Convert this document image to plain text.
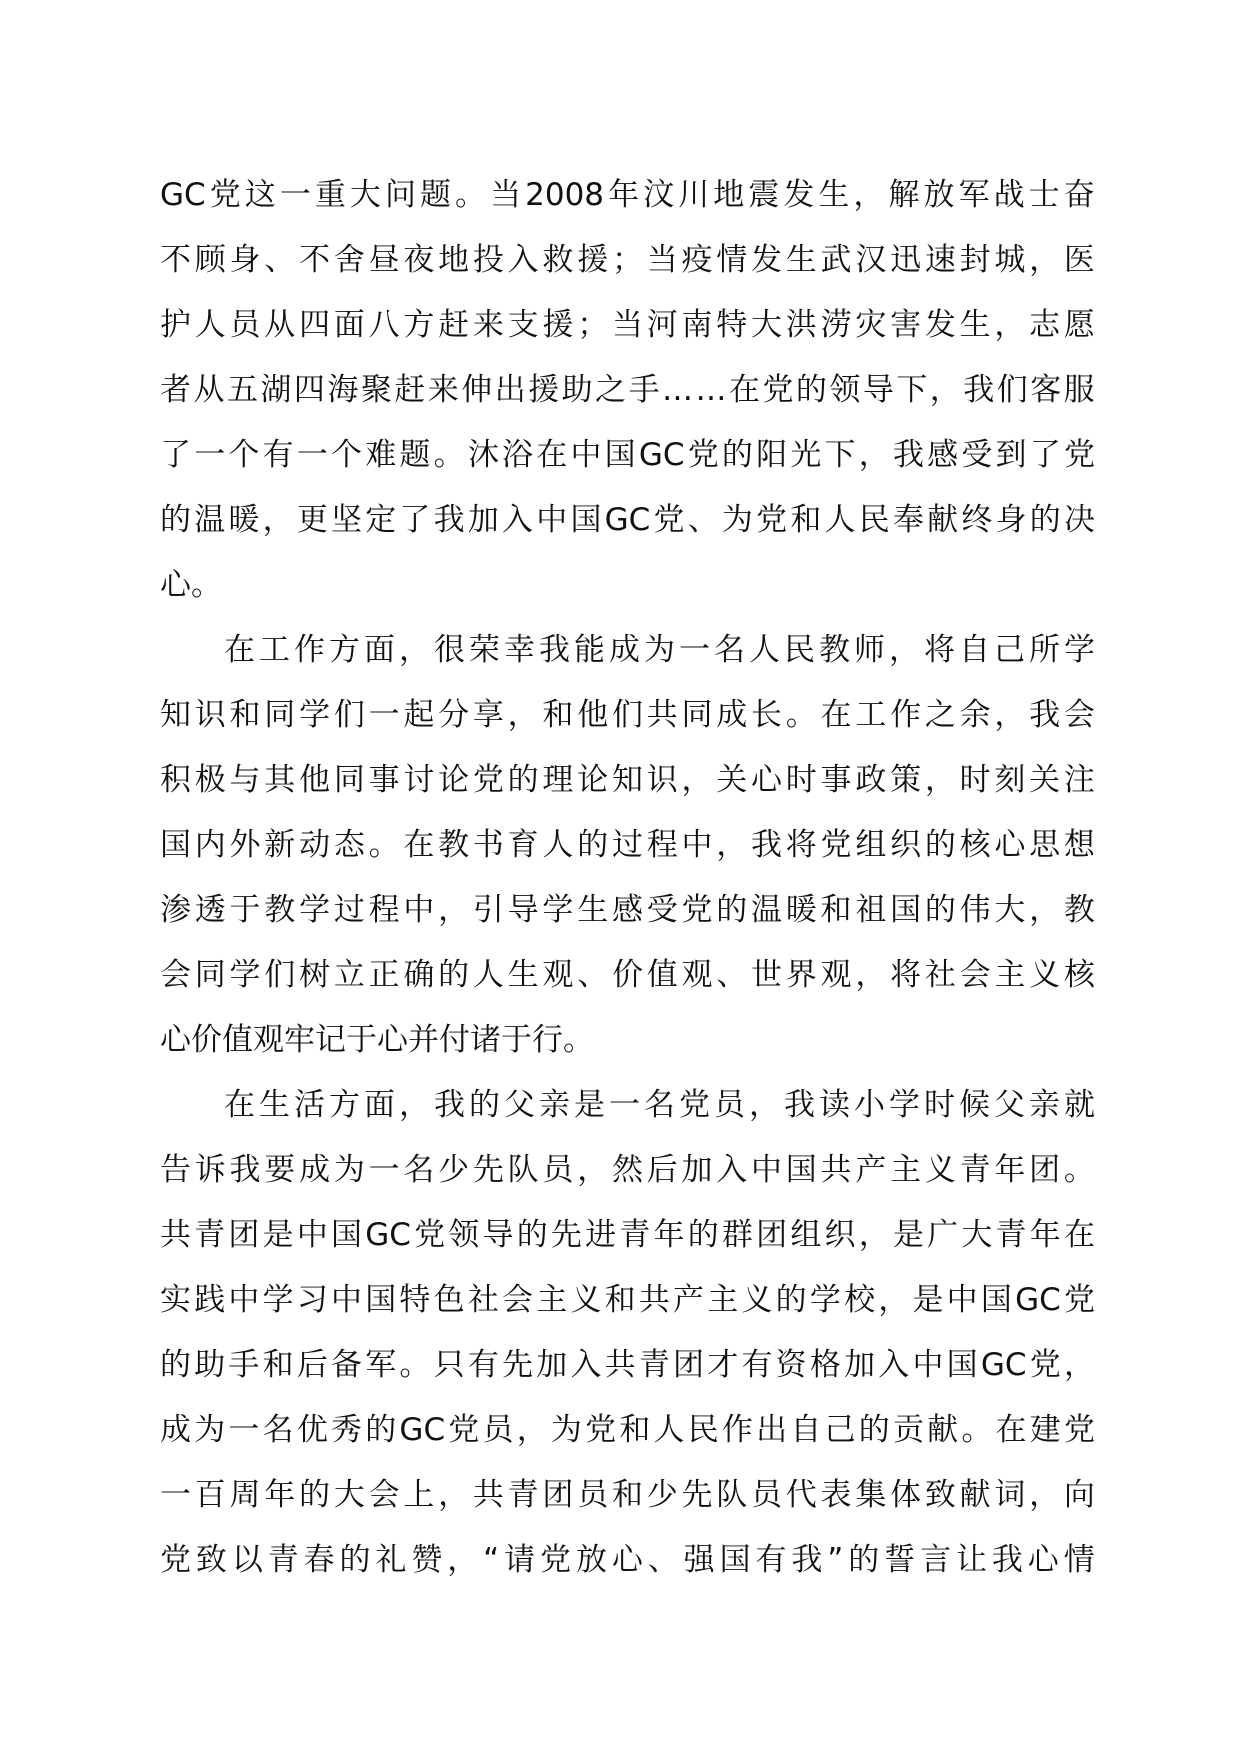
GC 党 这 一 重 大 问 题 。 当 2008 年 汶 川 地 震 发 生 ， 解 放 军 战 士 奋
不 顾 身 、 不 舍 昼 夜 地 投 入 救 援 ； 当 疫 情 发 生 武 汉 迅 速 封 城 ， 医
护 人 员 从 四 面 八 方 赶 来 支 援 ； 当 河 南 特 大 洪 涝 灾 害 发 生 ， 志 愿
者 从 五 湖 四 海 聚 赶 来 伸 出 援 助 之 手 … … 在 党 的 领 导 下 ， 我 们 客 服
了 一 个 有 一 个 难 题 。 沐 浴 在 中 国 GC 党 的 阳 光 下 ， 我 感 受 到 了 党
的 温 暖 ， 更 坚 定 了 我 加 入 中 国 GC 党 、 为 党 和 人 民 奉 献 终 身 的 决
心。
在 工 作 方 面 ， 很 荣 幸 我 能 成 为 一 名 人 民 教 师 ， 将 自 己 所 学
知 识 和 同 学 们 一 起 分 享 ， 和 他 们 共 同 成 长 。 在 工 作 之 余 ， 我 会
积 极 与 其 他 同 事 讨 论 党 的 理 论 知 识 ， 关 心 时 事 政 策 ， 时 刻 关 注
国 内 外 新 动 态 。 在 教 书 育 人 的 过 程 中 ， 我 将 党 组 织 的 核 心 思 想
渗 透 于 教 学 过 程 中 ， 引 导 学 生 感 受 党 的 温 暖 和 祖 国 的 伟 大 ， 教
会 同 学 们 树 立 正 确 的 人 生 观 、 价 值 观 、 世 界 观 ， 将 社 会 主 义 核
心价值观牢记于心并付诸于行。
在 生 活 方 面 ， 我 的 父 亲 是 一 名 党 员 ， 我 读 小 学 时 候 父 亲 就
告 诉 我 要 成 为 一 名 少 先 队 员 ， 然 后 加 入 中 国 共 产 主 义 青 年 团 。
共 青 团 是 中 国 GC 党 领 导 的 先 进 青 年 的 群 团 组 织 ， 是 广 大 青 年 在
实 践 中 学 习 中 国 特 色 社 会 主 义 和 共 产 主 义 的 学 校 ， 是 中 国 GC 党
的 助 手 和 后 备 军 。 只 有 先 加 入 共 青 团 才 有 资 格 加 入 中 国 GC 党 ，
成 为 一 名 优 秀 的 GC 党 员 ， 为 党 和 人 民 作 出 自 己 的 贡 献 。 在 建 党
一 百 周 年 的 大 会 上 ， 共 青 团 员 和 少 先 队 员 代 表 集 体 致 献 词 ， 向
党 致 以 青 春 的 礼 赞 ， “ 请 党 放 心 、 强 国 有 我 ” 的 誓 言 让 我 心 情
